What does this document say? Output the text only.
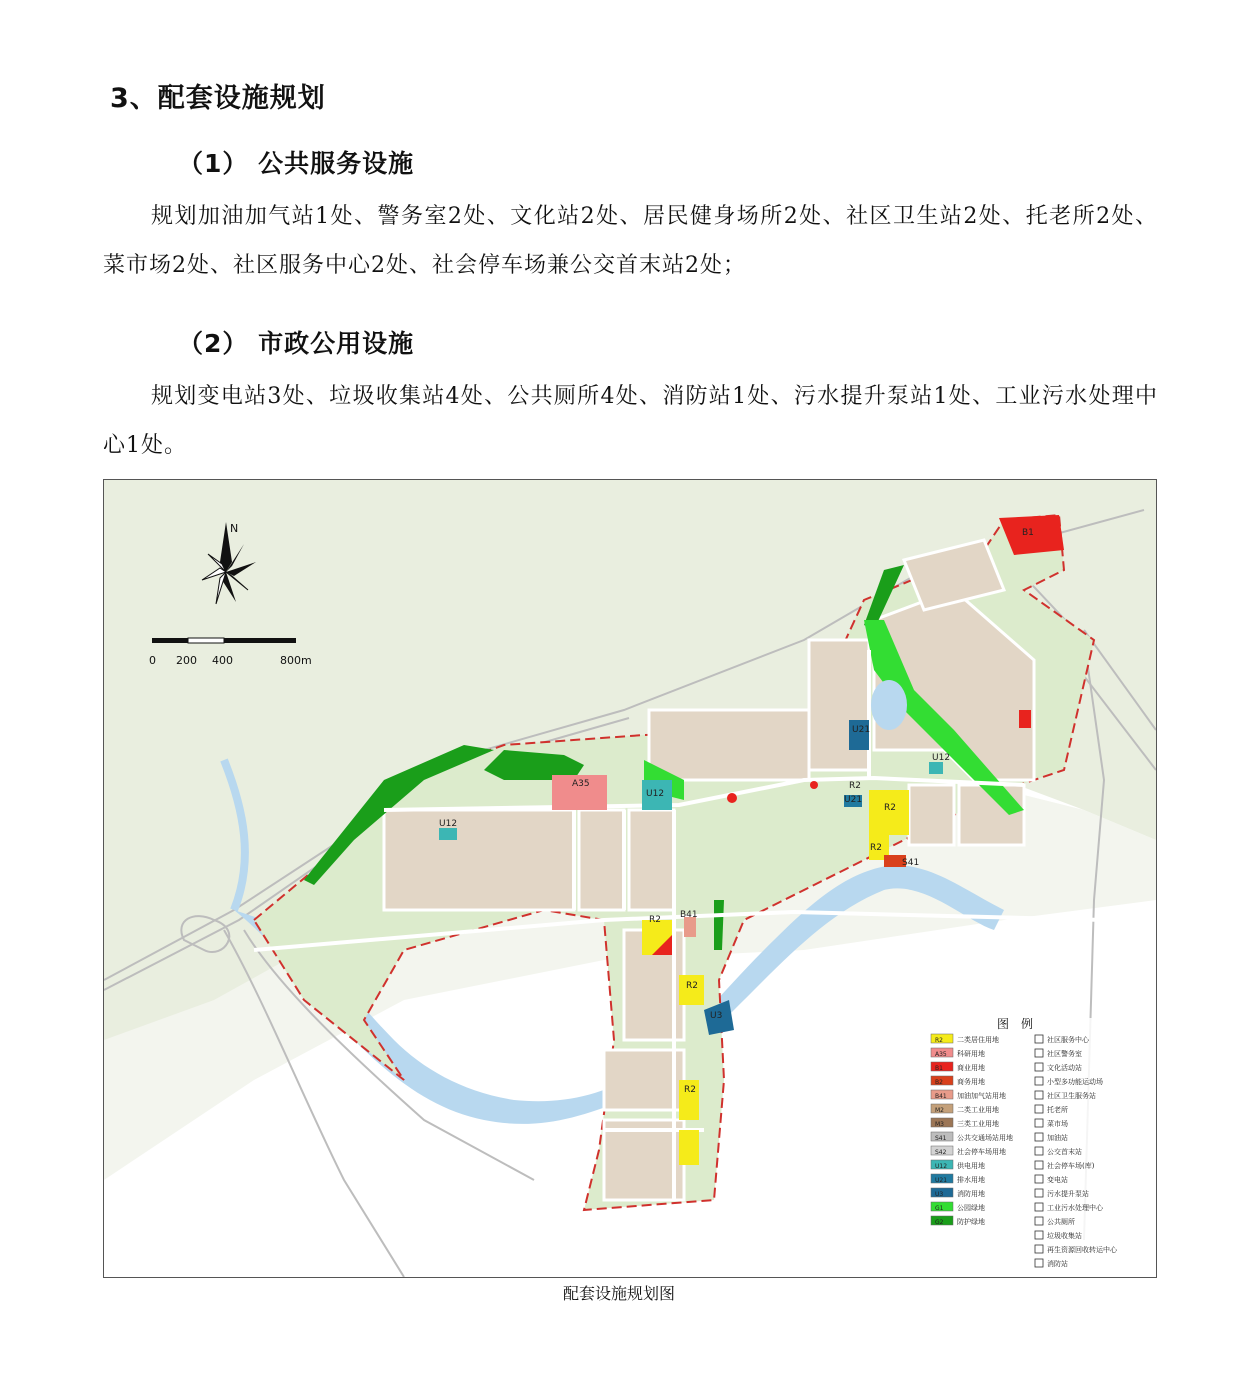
3、配套设施规划
（1） 公共服务设施
规划加油加气站1处、警务室2处、文化站2处、居民健身场所2处、社区卫生站2处、托老所2处、菜市场2处、社区服务中心2处、社会停车场兼公交首末站2处；
（2） 市政公用设施
规划变电站3处、垃圾收集站4处、公共厕所4处、消防站1处、污水提升泵站1处、工业污水处理中心1处。
A35
U12
U12
U12
B1
R2
R2
R2
R2
R2
R2
B41
S41
U21
U21
U3
N
0 200 400	800m
图　例
R2 二类居住用地
A35 科研用地
B1 商业用地
B2 商务用地
B41 加油加气站用地
M2 二类工业用地
M3 三类工业用地
S41 公共交通场站用地
S42 社会停车场用地
U12 供电用地
U21 排水用地
U3 消防用地
G1 公园绿地
G2 防护绿地
社区服务中心
社区警务室
文化活动站
小型多功能运动场
社区卫生服务站
托老所
菜市场
加油站
公交首末站
社会停车场(库)
变电站
污水提升泵站
工业污水处理中心
公共厕所
垃圾收集站
再生资源回收转运中心
消防站
配套设施规划图
